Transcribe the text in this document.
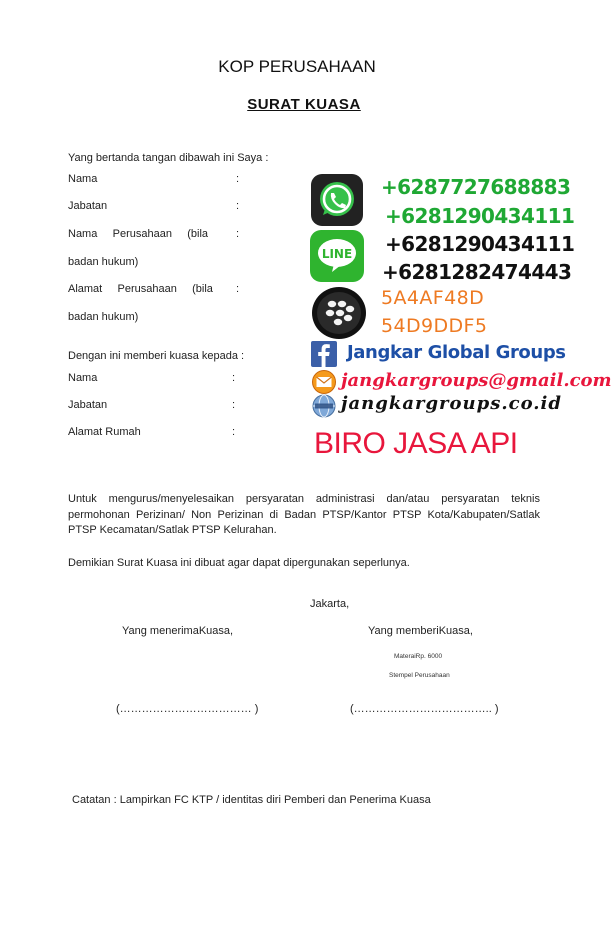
KOP PERUSAHAAN
SURAT KUASA
Yang bertanda tangan dibawah ini Saya :
Nama	:
Jabatan	:
Nama     Perusahaan     (bila	:
badan hukum)
Alamat     Perusahaan     (bila :
badan hukum)
Dengan ini memberi kuasa kepada :
Nama	:
Jabatan	:
Alamat Rumah	:
Untuk mengurus/menyelesaikan persyaratan administrasi dan/atau persyaratan teknis permohonan Perizinan/ Non Perizinan di Badan PTSP/Kantor PTSP Kota/Kabupaten/Satlak PTSP Kecamatan/Satlak PTSP Kelurahan.
Demikian Surat Kuasa ini dibuat agar dapat dipergunakan seperlunya.
Jakarta,
Yang menerimaKuasa,	Yang memberiKuasa,
MateraiRp. 6000
Stempel Perusahaan
(……………………………… )	(……………………………….. )
Catatan : Lampirkan FC KTP / identitas diri Pemberi dan Penerima Kuasa
LINE
+6287727688883
+6281290434111
+6281290434111
+6281282474443
5A4AF48D
54D9DDF5
Jangkar Global Groups
jangkargroups@gmail.com
jangkargroups.co.id
BIRO JASA API
